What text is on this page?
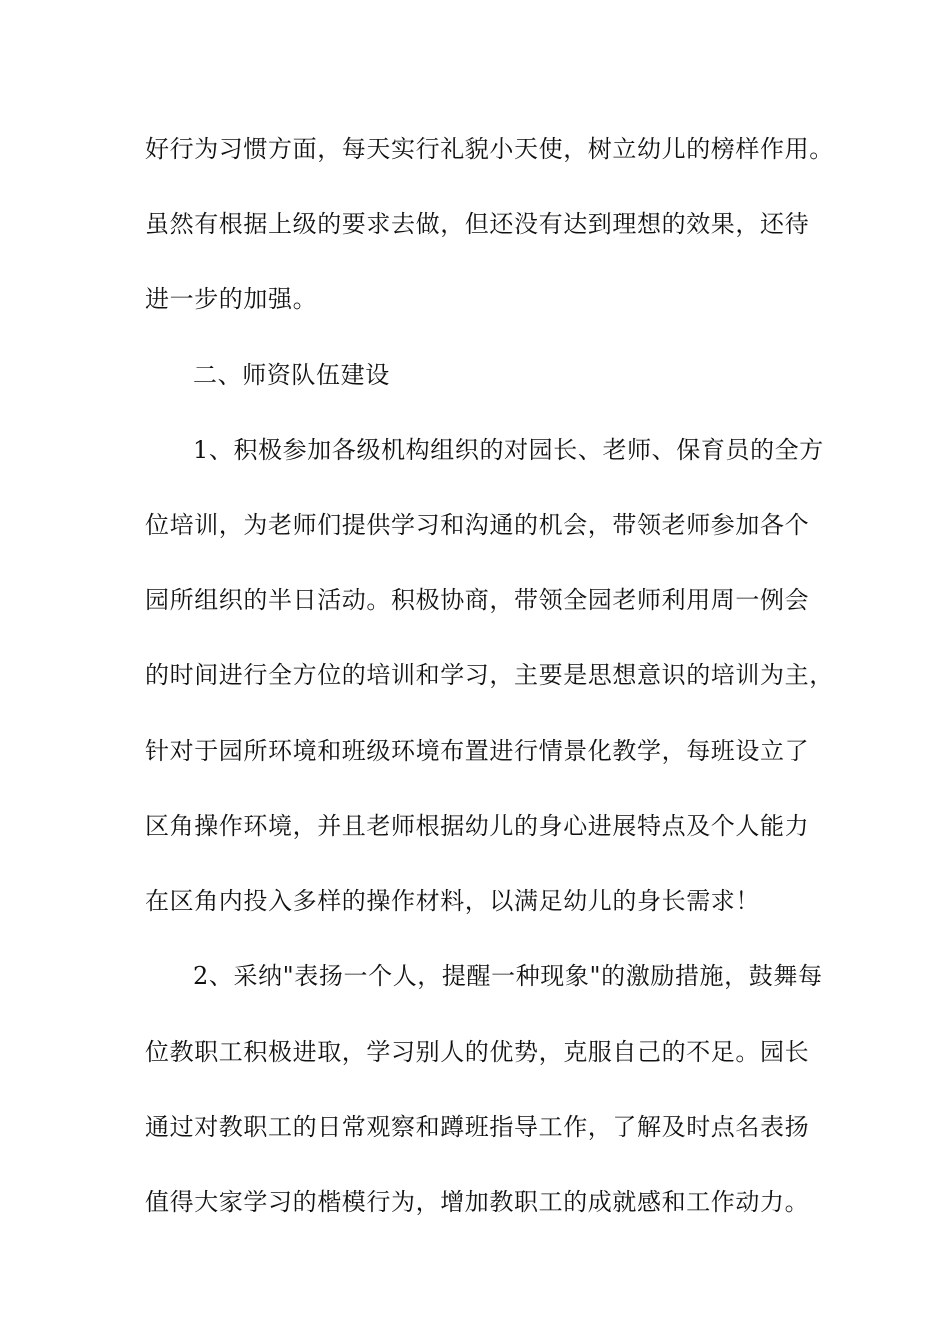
好行为习惯方面，每天实行礼貌小天使，树立幼儿的榜样作用。
虽然有根据上级的要求去做，但还没有达到理想的效果，还待
进一步的加强。
二、师资队伍建设
1、积极参加各级机构组织的对园长、老师、保育员的全方
位培训，为老师们提供学习和沟通的机会，带领老师参加各个
园所组织的半日活动。积极协商，带领全园老师利用周一例会
的时间进行全方位的培训和学习，主要是思想意识的培训为主，
针对于园所环境和班级环境布置进行情景化教学，每班设立了
区角操作环境，并且老师根据幼儿的身心进展特点及个人能力
在区角内投入多样的操作材料，以满足幼儿的身长需求！
2、采纳"表扬一个人，提醒一种现象"的激励措施，鼓舞每
位教职工积极进取，学习别人的优势，克服自己的不足。园长
通过对教职工的日常观察和蹲班指导工作，了解及时点名表扬
值得大家学习的楷模行为，增加教职工的成就感和工作动力。
